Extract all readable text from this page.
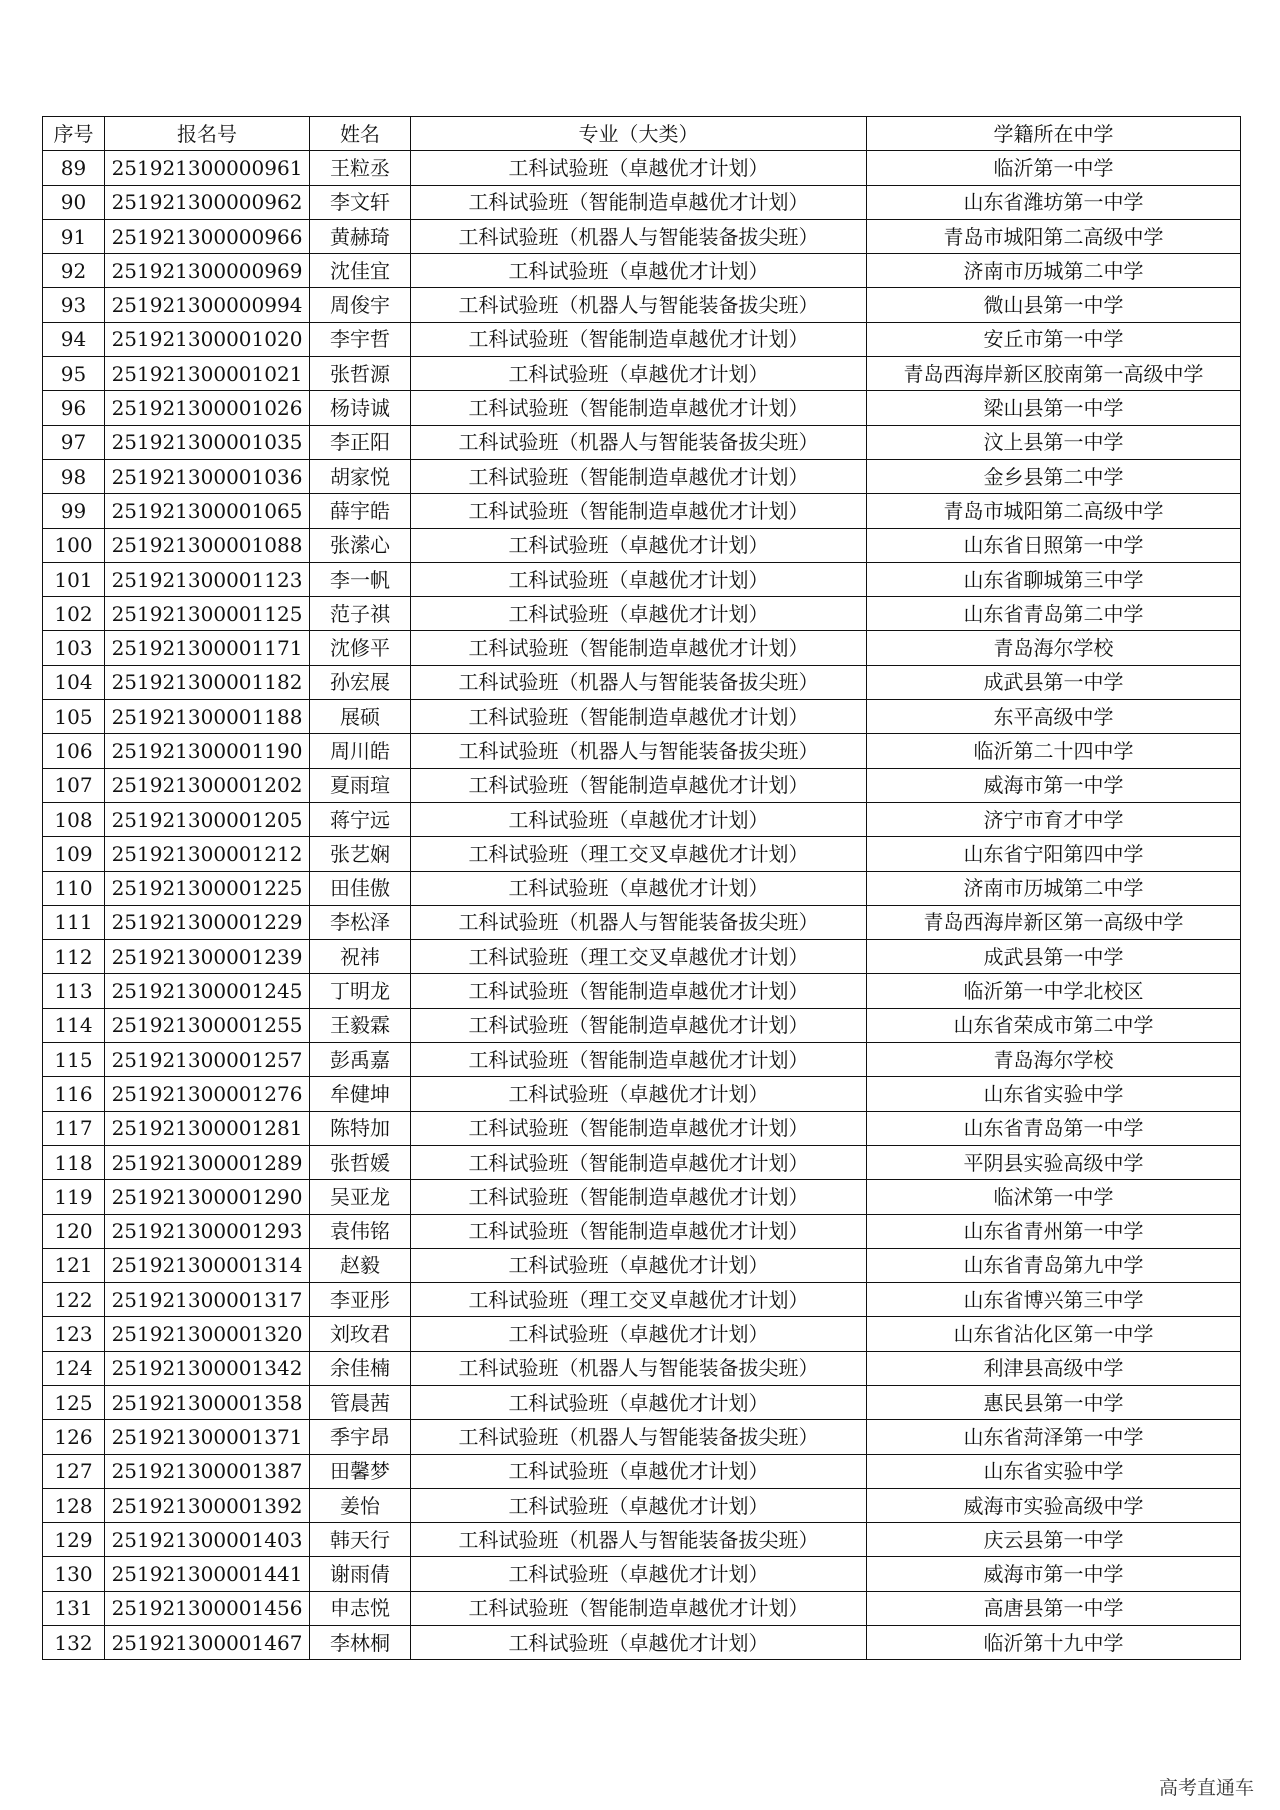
序号	报名号	姓名	专业（大类）	学籍所在中学
89	251921300000961	王粒丞	工科试验班（卓越优才计划）	临沂第一中学
90	251921300000962	李文轩	工科试验班（智能制造卓越优才计划）	山东省潍坊第一中学
91	251921300000966	黄赫琦	工科试验班（机器人与智能装备拔尖班）	青岛市城阳第二高级中学
92	251921300000969	沈佳宜	工科试验班（卓越优才计划）	济南市历城第二中学
93	251921300000994	周俊宇	工科试验班（机器人与智能装备拔尖班）	微山县第一中学
94	251921300001020	李宇哲	工科试验班（智能制造卓越优才计划）	安丘市第一中学
95	251921300001021	张哲源	工科试验班（卓越优才计划）	青岛西海岸新区胶南第一高级中学
96	251921300001026	杨诗诚	工科试验班（智能制造卓越优才计划）	梁山县第一中学
97	251921300001035	李正阳	工科试验班（机器人与智能装备拔尖班）	汶上县第一中学
98	251921300001036	胡家悦	工科试验班（智能制造卓越优才计划）	金乡县第二中学
99	251921300001065	薛宇皓	工科试验班（智能制造卓越优才计划）	青岛市城阳第二高级中学
100	251921300001088	张潆心	工科试验班（卓越优才计划）	山东省日照第一中学
101	251921300001123	李一帆	工科试验班（卓越优才计划）	山东省聊城第三中学
102	251921300001125	范子祺	工科试验班（卓越优才计划）	山东省青岛第二中学
103	251921300001171	沈修平	工科试验班（智能制造卓越优才计划）	青岛海尔学校
104	251921300001182	孙宏展	工科试验班（机器人与智能装备拔尖班）	成武县第一中学
105	251921300001188	展硕	工科试验班（智能制造卓越优才计划）	东平高级中学
106	251921300001190	周川皓	工科试验班（机器人与智能装备拔尖班）	临沂第二十四中学
107	251921300001202	夏雨瑄	工科试验班（智能制造卓越优才计划）	威海市第一中学
108	251921300001205	蒋宁远	工科试验班（卓越优才计划）	济宁市育才中学
109	251921300001212	张艺娴	工科试验班（理工交叉卓越优才计划）	山东省宁阳第四中学
110	251921300001225	田佳傲	工科试验班（卓越优才计划）	济南市历城第二中学
111	251921300001229	李松泽	工科试验班（机器人与智能装备拔尖班）	青岛西海岸新区第一高级中学
112	251921300001239	祝祎	工科试验班（理工交叉卓越优才计划）	成武县第一中学
113	251921300001245	丁明龙	工科试验班（智能制造卓越优才计划）	临沂第一中学北校区
114	251921300001255	王毅霖	工科试验班（智能制造卓越优才计划）	山东省荣成市第二中学
115	251921300001257	彭禹嘉	工科试验班（智能制造卓越优才计划）	青岛海尔学校
116	251921300001276	牟健坤	工科试验班（卓越优才计划）	山东省实验中学
117	251921300001281	陈特加	工科试验班（智能制造卓越优才计划）	山东省青岛第一中学
118	251921300001289	张哲媛	工科试验班（智能制造卓越优才计划）	平阴县实验高级中学
119	251921300001290	吴亚龙	工科试验班（智能制造卓越优才计划）	临沭第一中学
120	251921300001293	袁伟铭	工科试验班（智能制造卓越优才计划）	山东省青州第一中学
121	251921300001314	赵毅	工科试验班（卓越优才计划）	山东省青岛第九中学
122	251921300001317	李亚彤	工科试验班（理工交叉卓越优才计划）	山东省博兴第三中学
123	251921300001320	刘玫君	工科试验班（卓越优才计划）	山东省沾化区第一中学
124	251921300001342	余佳楠	工科试验班（机器人与智能装备拔尖班）	利津县高级中学
125	251921300001358	管晨茜	工科试验班（卓越优才计划）	惠民县第一中学
126	251921300001371	季宇昂	工科试验班（机器人与智能装备拔尖班）	山东省菏泽第一中学
127	251921300001387	田馨梦	工科试验班（卓越优才计划）	山东省实验中学
128	251921300001392	姜怡	工科试验班（卓越优才计划）	威海市实验高级中学
129	251921300001403	韩天行	工科试验班（机器人与智能装备拔尖班）	庆云县第一中学
130	251921300001441	谢雨倩	工科试验班（卓越优才计划）	威海市第一中学
131	251921300001456	申志悦	工科试验班（智能制造卓越优才计划）	高唐县第一中学
132	251921300001467	李林桐	工科试验班（卓越优才计划）	临沂第十九中学
高考直通车
